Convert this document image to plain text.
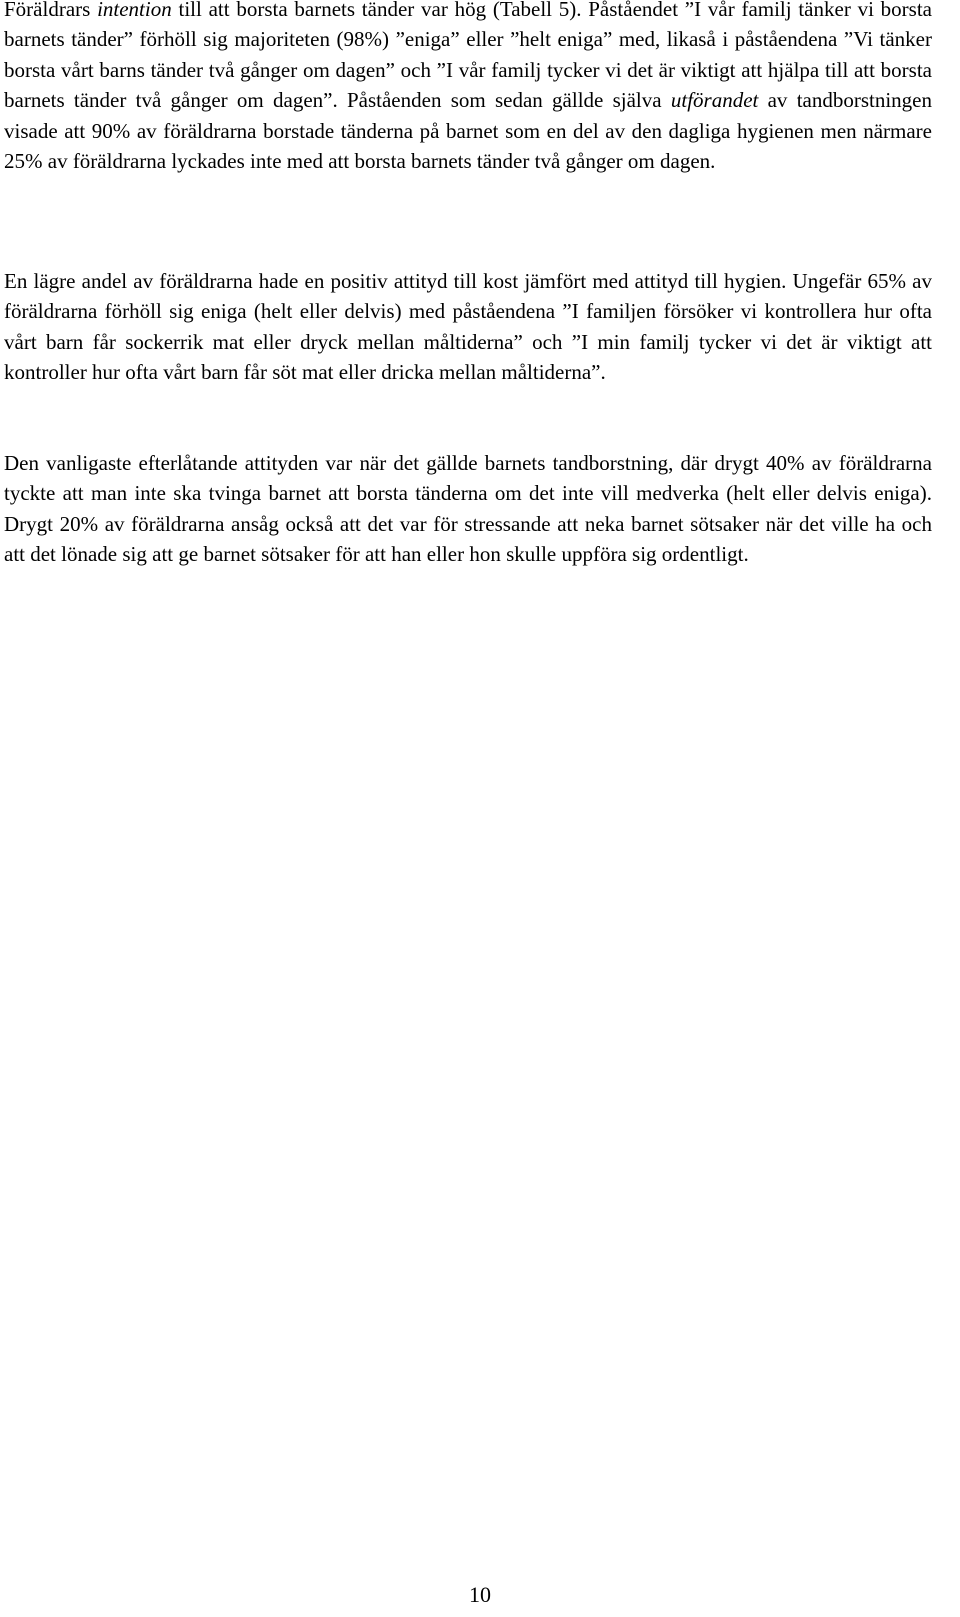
Föräldrars intention till att borsta barnets tänder var hög (Tabell 5). Påståendet ”I vår familj tänker vi borsta barnets tänder” förhöll sig majoriteten (98%) ”eniga” eller ”helt eniga” med, likaså i påståendena ”Vi tänker borsta vårt barns tänder två gånger om dagen” och ”I vår familj tycker vi det är viktigt att hjälpa till att borsta barnets tänder två gånger om dagen”. Påståenden som sedan gällde själva utförandet av tandborstningen visade att 90% av föräldrarna borstade tänderna på barnet som en del av den dagliga hygienen men närmare 25% av föräldrarna lyckades inte med att borsta barnets tänder två gånger om dagen.
En lägre andel av föräldrarna hade en positiv attityd till kost jämfört med attityd till hygien. Ungefär 65% av föräldrarna förhöll sig eniga (helt eller delvis) med påståendena ”I familjen försöker vi kontrollera hur ofta vårt barn får sockerrik mat eller dryck mellan måltiderna” och ”I min familj tycker vi det är viktigt att kontroller hur ofta vårt barn får söt mat eller dricka mellan måltiderna”.
Den vanligaste efterlåtande attityden var när det gällde barnets tandborstning, där drygt 40% av föräldrarna tyckte att man inte ska tvinga barnet att borsta tänderna om det inte vill medverka (helt eller delvis eniga). Drygt 20% av föräldrarna ansåg också att det var för stressande att neka barnet sötsaker när det ville ha och att det lönade sig att ge barnet sötsaker för att han eller hon skulle uppföra sig ordentligt.
10
